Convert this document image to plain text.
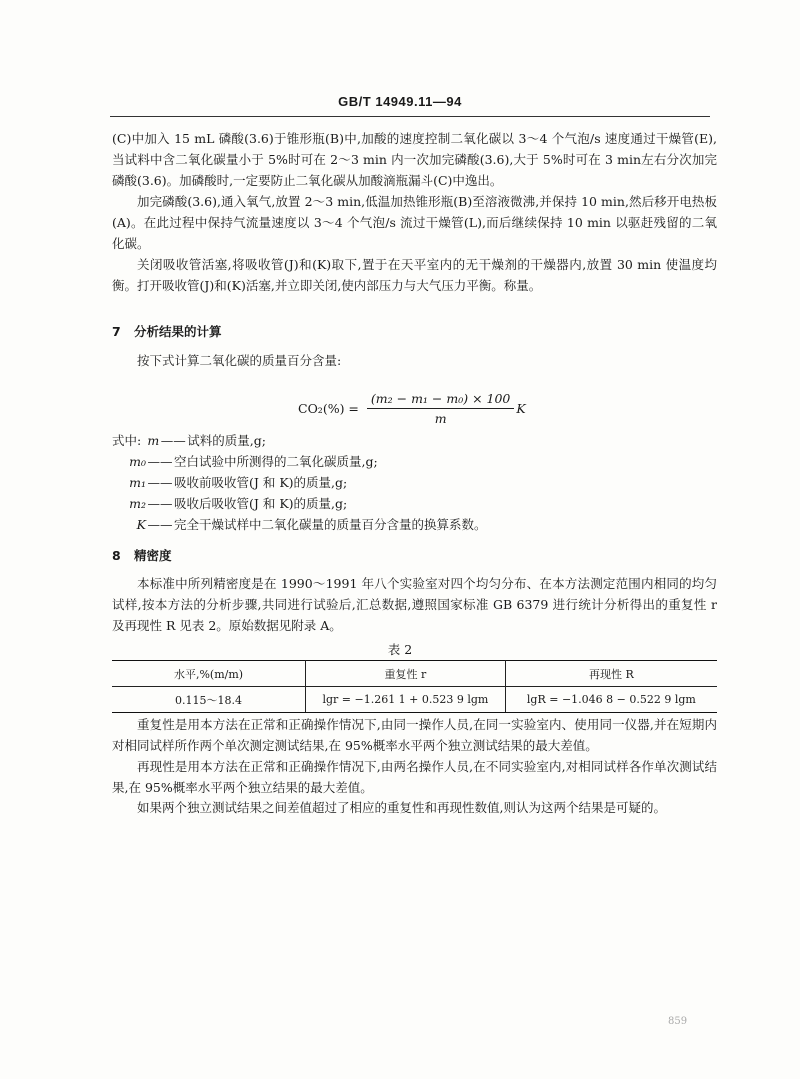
GB/T 14949.11—94

(C)中加入 15 mL 磷酸(3.6)于锥形瓶(B)中,加酸的速度控制二氧化碳以 3～4 个气泡/s 速度通过干燥管(E),当试料中含二氧化碳量小于 5%时可在 2～3 min 内一次加完磷酸(3.6),大于 5%时可在 3 min左右分次加完磷酸(3.6)。加磷酸时,一定要防止二氧化碳从加酸滴瓶漏斗(C)中逸出。

加完磷酸(3.6),通入氧气,放置 2～3 min,低温加热锥形瓶(B)至溶液微沸,并保持 10 min,然后移开电热板(A)。在此过程中保持气流量速度以 3～4 个气泡/s 流过干燥管(L),而后继续保持 10 min 以驱赶残留的二氧化碳。

关闭吸收管活塞,将吸收管(J)和(K)取下,置于在天平室内的无干燥剂的干燥器内,放置 30 min 使温度均衡。打开吸收管(J)和(K)活塞,并立即关闭,使内部压力与大气压力平衡。称量。

7 分析结果的计算

按下式计算二氧化碳的质量百分含量:

$CO_2(\%) = \frac{\text{(m₂ − m₁ − m₀) × 100}}{m}$ K
式中: m —— 试料的质量,g;
m₀ —— 空白试验中所测得的二氧化碳质量,g;
m₁ —— 吸收前吸收管(J 和 K)的质量,g;
m₂ —— 吸收后吸收管(J 和 K)的质量,g;
K —— 完全干燥试样中二氧化碳量的质量百分含量的换算系数。
8 精密度

本标准中所列精密度是在 1990～1991 年八个实验室对四个均匀分布、在本方法测定范围内相同的均匀试样,按本方法的分析步骤,共同进行试验后,汇总数据,遵照国家标准 GB 6379 进行统计分析得出的重复性 r 及再现性 R 见表 2。原始数据见附录 A。

表 2
水平,%(m/m)	重复性 r	再现性 R
0.115～18.4	lgr = −1.261 1 + 0.523 9 lgm	lgR = −1.046 8 − 0.522 9 lgm

重复性是用本方法在正常和正确操作情况下,由同一操作人员,在同一实验室内、使用同一仪器,并在短期内对相同试样所作两个单次测定测试结果,在 95%概率水平两个独立测试结果的最大差值。

再现性是用本方法在正常和正确操作情况下,由两名操作人员,在不同实验室内,对相同试样各作单次测试结果,在 95%概率水平两个独立结果的最大差值。

如果两个独立测试结果之间差值超过了相应的重复性和再现性数值,则认为这两个结果是可疑的。

859
